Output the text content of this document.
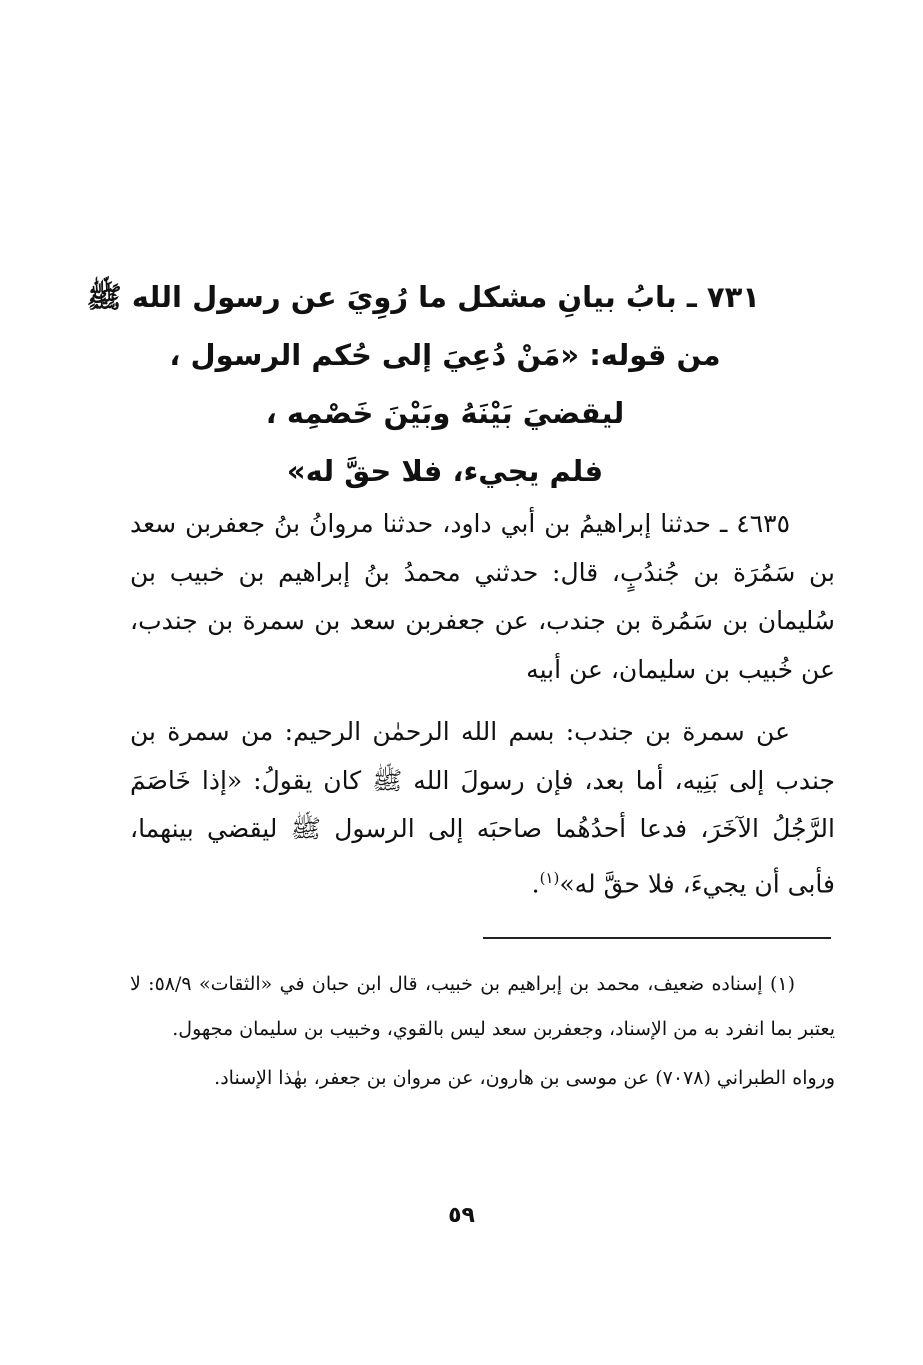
٧٣١ ـ بابُ بيانِ مشكل ما رُوِيَ عن رسول الله ﷺ
من قوله: «مَنْ دُعِيَ إلى حُكم الرسول ،
ليقضيَ بَيْنَهُ وبَيْنَ خَصْمِه ،
فلم يجيء، فلا حقَّ له»

٤٦٣٥ ـ حدثنا إبراهيمُ بن أبي داود، حدثنا مروانُ بنُ جعفربن سعد بن سَمُرَة بن جُندُبٍ، قال: حدثني محمدُ بنُ إبراهيم بن خبيب بن سُليمان بن سَمُرة بن جندب، عن جعفربن سعد بن سمرة بن جندب، عن خُبيب بن سليمان، عن أبيه

عن سمرة بن جندب: بسم الله الرحمٰن الرحيم: من سمرة بن جندب إلى بَنِيه، أما بعد، فإن رسولَ الله ﷺ كان يقولُ: «إذا خَاصَمَ الرَّجُلُ الآخَرَ، فدعا أحدُهُما صاحبَه إلى الرسول ﷺ ليقضي بينهما، فأبى أن يجيءَ، فلا حقَّ له»$^{(١)}$.

(١) إسناده ضعيف، محمد بن إبراهيم بن خبيب، قال ابن حبان في «الثقات» ٥٨/٩: لا يعتبر بما انفرد به من الإسناد، وجعفربن سعد ليس بالقوي، وخبيب بن سليمان مجهول.

ورواه الطبراني (٧٠٧٨) عن موسى بن هارون، عن مروان بن جعفر، بهٰذا الإسناد.

٥٩
